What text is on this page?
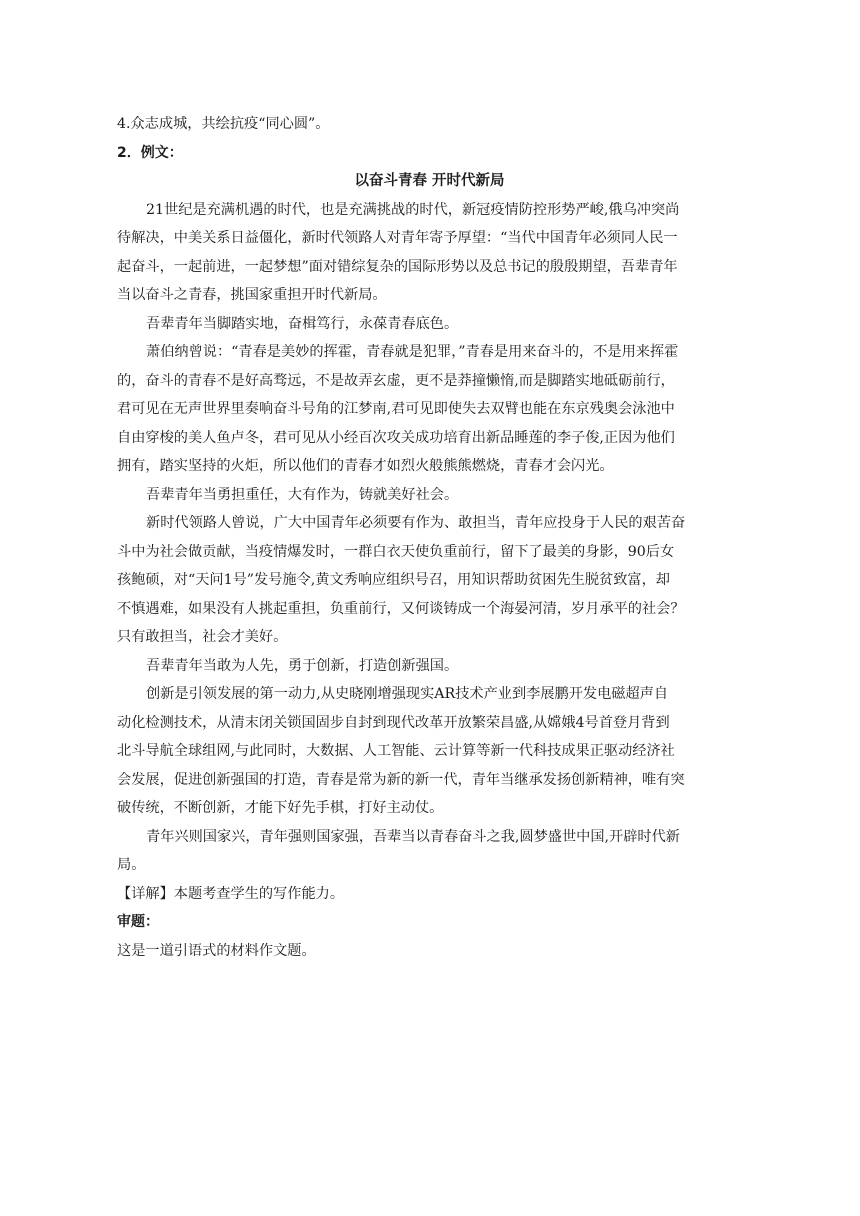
4.众志成城，共绘抗疫“同心圆”。
2．例文：
以奋斗青春 开时代新局
21世纪是充满机遇的时代，也是充满挑战的时代，新冠疫情防控形势严峻,俄乌冲突尚
待解决，中美关系日益僵化，新时代领路人对青年寄予厚望：“当代中国青年必须同人民一
起奋斗，一起前进，一起梦想”面对错综复杂的国际形势以及总书记的殷殷期望，吾辈青年
当以奋斗之青春，挑国家重担开时代新局。
吾辈青年当脚踏实地，奋楫笃行，永葆青春底色。
萧伯纳曾说：“青春是美妙的挥霍，青春就是犯罪，”青春是用来奋斗的，不是用来挥霍
的，奋斗的青春不是好高骛远，不是故弄玄虚，更不是莽撞懒惰,而是脚踏实地砥砺前行，
君可见在无声世界里奏响奋斗号角的江梦南,君可见即使失去双臂也能在东京残奥会泳池中
自由穿梭的美人鱼卢冬，君可见从小经百次攻关成功培育出新品睡莲的李子俊,正因为他们
拥有，踏实坚持的火炬，所以他们的青春才如烈火般熊熊燃烧，青春才会闪光。
吾辈青年当勇担重任，大有作为，铸就美好社会。
新时代领路人曾说，广大中国青年必须要有作为、敢担当，青年应投身于人民的艰苦奋
斗中为社会做贡献，当疫情爆发时，一群白衣天使负重前行，留下了最美的身影，90后女
孩鲍硕，对“天问1号”发号施令,黄文秀响应组织号召，用知识帮助贫困先生脱贫致富，却
不慎遇难，如果没有人挑起重担，负重前行，又何谈铸成一个海晏河清，岁月承平的社会？
只有敢担当，社会才美好。
吾辈青年当敢为人先，勇于创新，打造创新强国。
创新是引领发展的第一动力,从史晓刚增强现实AR技术产业到李展鹏开发电磁超声自
动化检测技术，从清末闭关锁国固步自封到现代改革开放繁荣昌盛,从嫦娥4号首登月背到
北斗导航全球组网,与此同时，大数据、人工智能、云计算等新一代科技成果正驱动经济社
会发展，促进创新强国的打造，青春是常为新的新一代，青年当继承发扬创新精神，唯有突
破传统，不断创新，才能下好先手棋，打好主动仗。
青年兴则国家兴，青年强则国家强，吾辈当以青春奋斗之我,圆梦盛世中国,开辟时代新
局。
【详解】本题考查学生的写作能力。
审题：
这是一道引语式的材料作文题。
